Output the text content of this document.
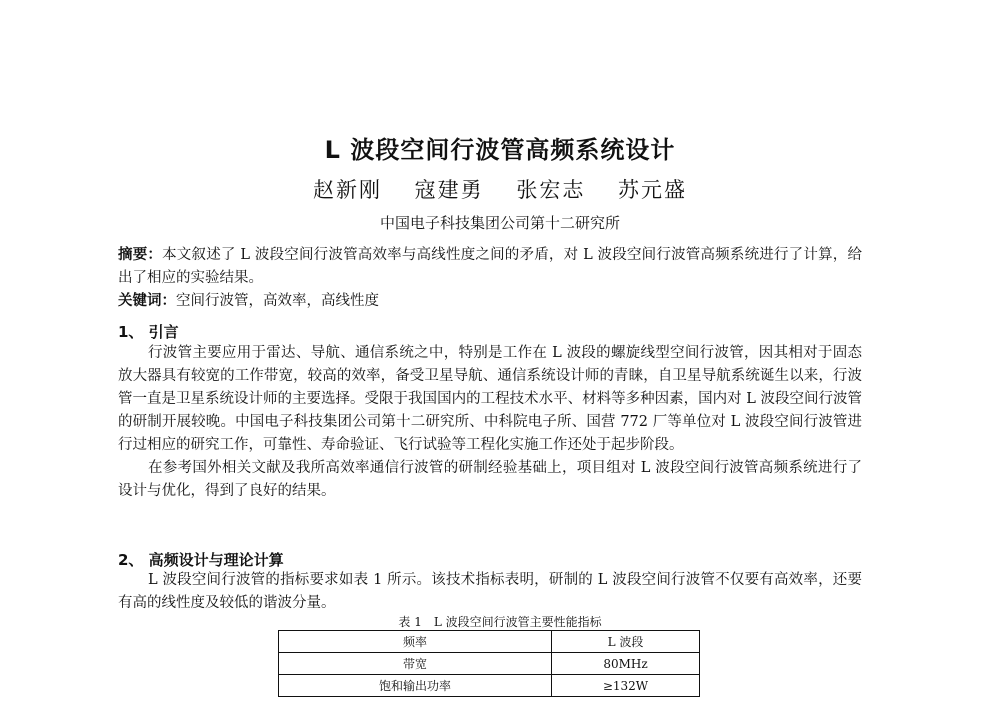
L 波段空间行波管高频系统设计
赵新刚 寇建勇 张宏志 苏元盛
中国电子科技集团公司第十二研究所
摘要：本文叙述了 L 波段空间行波管高效率与高线性度之间的矛盾，对 L 波段空间行波管高频系统进行了计算，给出了相应的实验结果。
关键词：空间行波管，高效率，高线性度
1、 引言

行波管主要应用于雷达、导航、通信系统之中，特别是工作在 L 波段的螺旋线型空间行波管，因其相对于固态放大器具有较宽的工作带宽，较高的效率，备受卫星导航、通信系统设计师的青睐，自卫星导航系统诞生以来，行波管一直是卫星系统设计师的主要选择。受限于我国国内的工程技术水平、材料等多种因素，国内对 L 波段空间行波管的研制开展较晚。中国电子科技集团公司第十二研究所、中科院电子所、国营 772 厂等单位对 L 波段空间行波管进行过相应的研究工作，可靠性、寿命验证、飞行试验等工程化实施工作还处于起步阶段。

在参考国外相关文献及我所高效率通信行波管的研制经验基础上，项目组对 L 波段空间行波管高频系统进行了设计与优化，得到了良好的结果。

2、 高频设计与理论计算

L 波段空间行波管的指标要求如表 1 所示。该技术指标表明，研制的 L 波段空间行波管不仅要有高效率，还要有高的线性度及较低的谐波分量。

表 1　L 波段空间行波管主要性能指标
频率	L 波段
带宽	80MHz
饱和输出功率	≥132W
